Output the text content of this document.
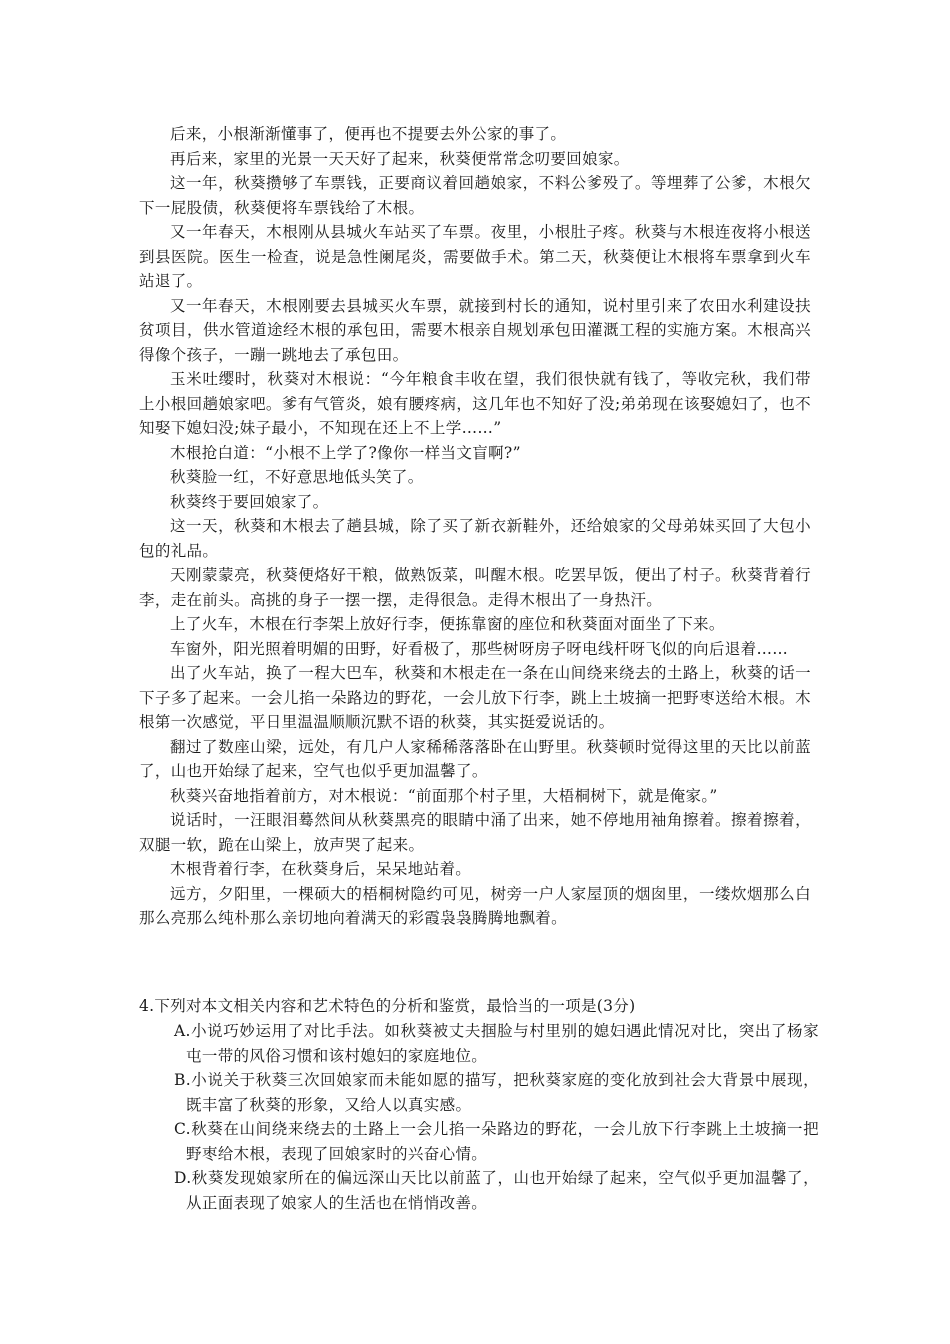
后来，小根渐渐懂事了，便再也不提要去外公家的事了。

再后来，家里的光景一天天好了起来，秋葵便常常念叨要回娘家。

这一年，秋葵攒够了车票钱，正要商议着回趟娘家，不料公爹殁了。等埋葬了公爹，木根欠下一屁股债，秋葵便将车票钱给了木根。

又一年春天，木根刚从县城火车站买了车票。夜里，小根肚子疼。秋葵与木根连夜将小根送到县医院。医生一检查，说是急性阑尾炎，需要做手术。第二天，秋葵便让木根将车票拿到火车站退了。

又一年春天，木根刚要去县城买火车票，就接到村长的通知，说村里引来了农田水利建设扶贫项目，供水管道途经木根的承包田，需要木根亲自规划承包田灌溉工程的实施方案。木根高兴得像个孩子，一蹦一跳地去了承包田。

玉米吐缨时，秋葵对木根说：“今年粮食丰收在望，我们很快就有钱了，等收完秋，我们带上小根回趟娘家吧。爹有气管炎，娘有腰疼病，这几年也不知好了没;弟弟现在该娶媳妇了，也不知娶下媳妇没;妹子最小，不知现在还上不上学……”

木根抢白道：“小根不上学了?像你一样当文盲啊?”

秋葵脸一红，不好意思地低头笑了。

秋葵终于要回娘家了。

这一天，秋葵和木根去了趟县城，除了买了新衣新鞋外，还给娘家的父母弟妹买回了大包小包的礼品。

天刚蒙蒙亮，秋葵便烙好干粮，做熟饭菜，叫醒木根。吃罢早饭，便出了村子。秋葵背着行李，走在前头。高挑的身子一摆一摆，走得很急。走得木根出了一身热汗。

上了火车，木根在行李架上放好行李，便拣靠窗的座位和秋葵面对面坐了下来。

车窗外，阳光照着明媚的田野，好看极了，那些树呀房子呀电线杆呀飞似的向后退着……

出了火车站，换了一程大巴车，秋葵和木根走在一条在山间绕来绕去的土路上，秋葵的话一下子多了起来。一会儿掐一朵路边的野花，一会儿放下行李，跳上土坡摘一把野枣送给木根。木根第一次感觉，平日里温温顺顺沉默不语的秋葵，其实挺爱说话的。

翻过了数座山梁，远处，有几户人家稀稀落落卧在山野里。秋葵顿时觉得这里的天比以前蓝了，山也开始绿了起来，空气也似乎更加温馨了。

秋葵兴奋地指着前方，对木根说：“前面那个村子里，大梧桐树下，就是俺家。”

说话时，一汪眼泪蓦然间从秋葵黑亮的眼睛中涌了出来，她不停地用袖角擦着。擦着擦着，双腿一软，跪在山梁上，放声哭了起来。

木根背着行李，在秋葵身后，呆呆地站着。

远方，夕阳里，一棵硕大的梧桐树隐约可见，树旁一户人家屋顶的烟囱里，一缕炊烟那么白那么亮那么纯朴那么亲切地向着满天的彩霞袅袅腾腾地飘着。

4.下列对本文相关内容和艺术特色的分析和鉴赏，最恰当的一项是(3分)

A.小说巧妙运用了对比手法。如秋葵被丈夫掴脸与村里别的媳妇遇此情况对比，突出了杨家屯一带的风俗习惯和该村媳妇的家庭地位。

B.小说关于秋葵三次回娘家而未能如愿的描写，把秋葵家庭的变化放到社会大背景中展现，既丰富了秋葵的形象，又给人以真实感。

C.秋葵在山间绕来绕去的土路上一会儿掐一朵路边的野花，一会儿放下行李跳上土坡摘一把野枣给木根，表现了回娘家时的兴奋心情。

D.秋葵发现娘家所在的偏远深山天比以前蓝了，山也开始绿了起来，空气似乎更加温馨了，从正面表现了娘家人的生活也在悄悄改善。
